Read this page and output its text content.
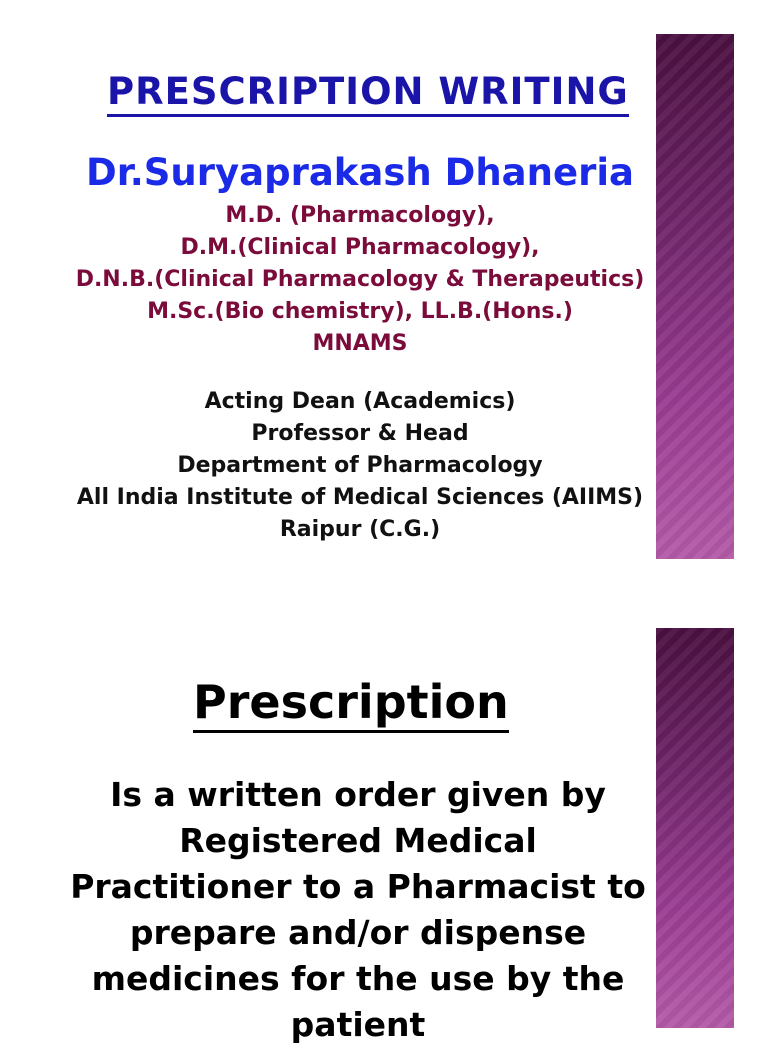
PRESCRIPTION WRITING
Dr.Suryaprakash Dhaneria
M.D. (Pharmacology),
D.M.(Clinical Pharmacology),
D.N.B.(Clinical Pharmacology & Therapeutics)
M.Sc.(Bio chemistry), LL.B.(Hons.)
MNAMS
Acting Dean (Academics)
Professor & Head
Department of Pharmacology
All India Institute of Medical Sciences (AIIMS)
Raipur (C.G.)
Prescription
Is a written order given by
Registered Medical
Practitioner to a Pharmacist to
prepare and/or dispense
medicines for the use by the
patient
